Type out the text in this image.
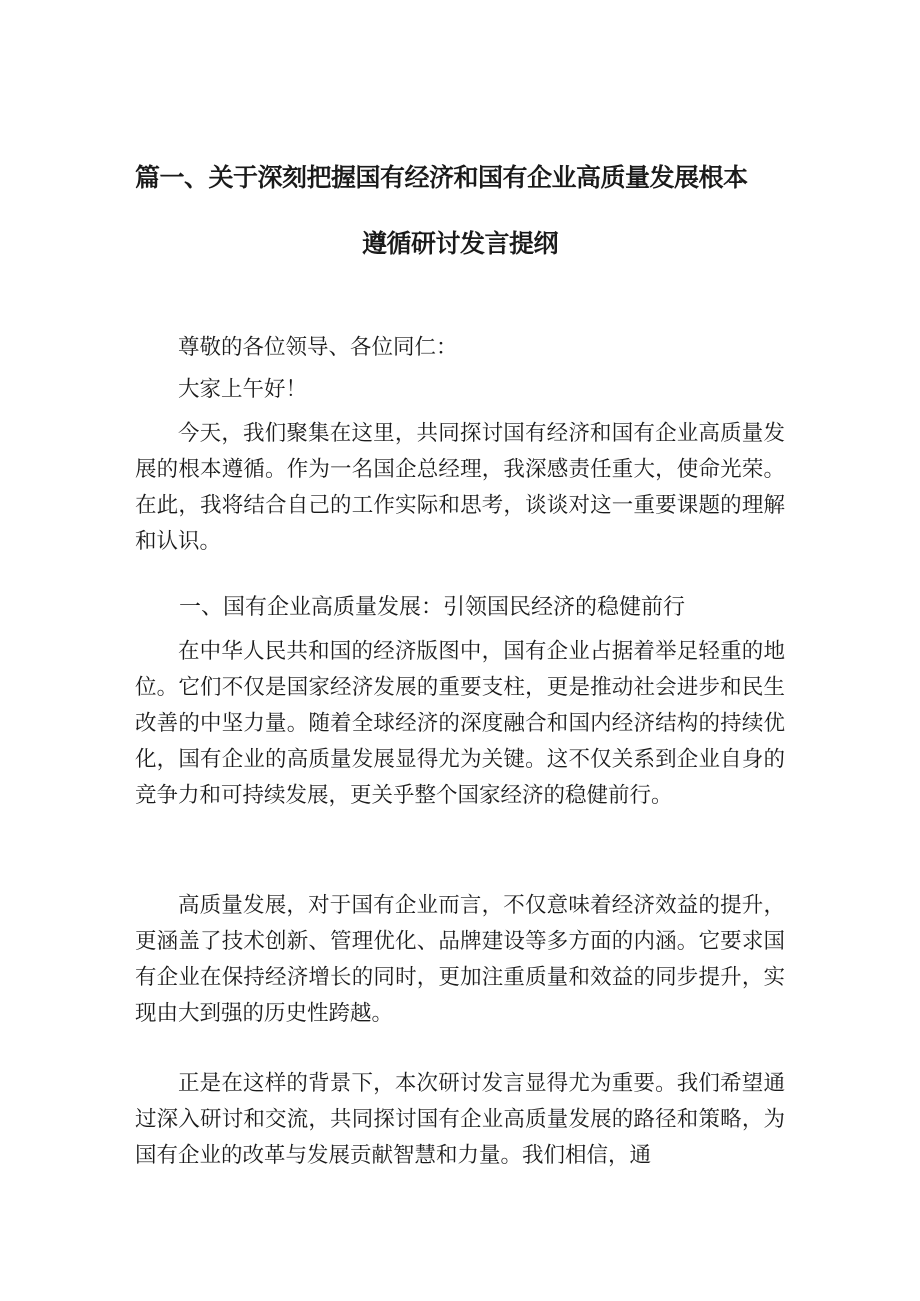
篇一、关于深刻把握国有经济和国有企业高质量发展根本
遵循研讨发言提纲
尊敬的各位领导、各位同仁：
大家上午好！
今天，我们聚集在这里，共同探讨国有经济和国有企业高质量发展的根本遵循。作为一名国企总经理，我深感责任重大，使命光荣。在此，我将结合自己的工作实际和思考，谈谈对这一重要课题的理解和认识。
一、国有企业高质量发展：引领国民经济的稳健前行
在中华人民共和国的经济版图中，国有企业占据着举足轻重的地位。它们不仅是国家经济发展的重要支柱，更是推动社会进步和民生改善的中坚力量。随着全球经济的深度融合和国内经济结构的持续优化，国有企业的高质量发展显得尤为关键。这不仅关系到企业自身的竞争力和可持续发展，更关乎整个国家经济的稳健前行。
高质量发展，对于国有企业而言，不仅意味着经济效益的提升，更涵盖了技术创新、管理优化、品牌建设等多方面的内涵。它要求国有企业在保持经济增长的同时，更加注重质量和效益的同步提升，实现由大到强的历史性跨越。
正是在这样的背景下，本次研讨发言显得尤为重要。我们希望通过深入研讨和交流，共同探讨国有企业高质量发展的路径和策略，为国有企业的改革与发展贡献智慧和力量。我们相信，通
